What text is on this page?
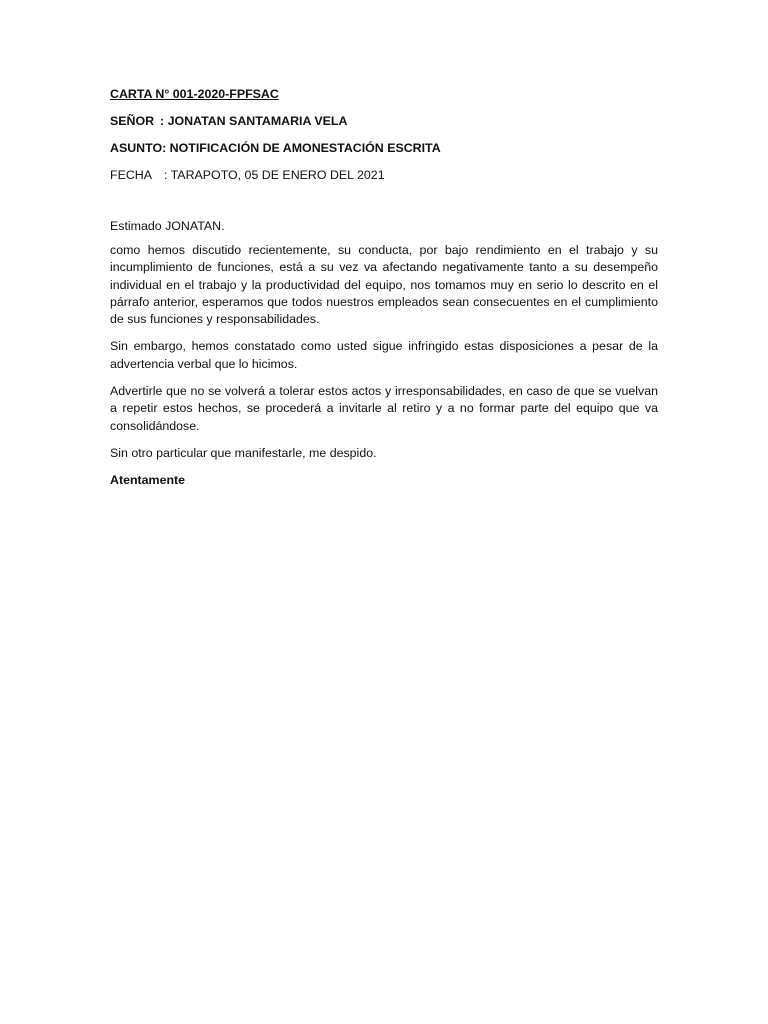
CARTA N° 001-2020-FPFSAC
SEÑOR : JONATAN SANTAMARIA VELA
ASUNTO: NOTIFICACIÓN DE AMONESTACIÓN ESCRITA
FECHA : TARAPOTO, 05 DE ENERO DEL 2021
Estimado JONATAN.

como hemos discutido recientemente, su conducta, por bajo rendimiento en el trabajo y su incumplimiento de funciones, está a su vez va afectando negativamente tanto a su desempeño individual en el trabajo y la productividad del equipo, nos tomamos muy en serio lo descrito en el párrafo anterior, esperamos que todos nuestros empleados sean consecuentes en el cumplimiento de sus funciones y responsabilidades.

Sin embargo, hemos constatado como usted sigue infringido estas disposiciones a pesar de la advertencia verbal que lo hicimos.

Advertirle que no se volverá a tolerar estos actos y irresponsabilidades, en caso de que se vuelvan a repetir estos hechos, se procederá a invitarle al retiro y a no formar parte del equipo que va consolidándose.

Sin otro particular que manifestarle, me despido.
Atentamente
